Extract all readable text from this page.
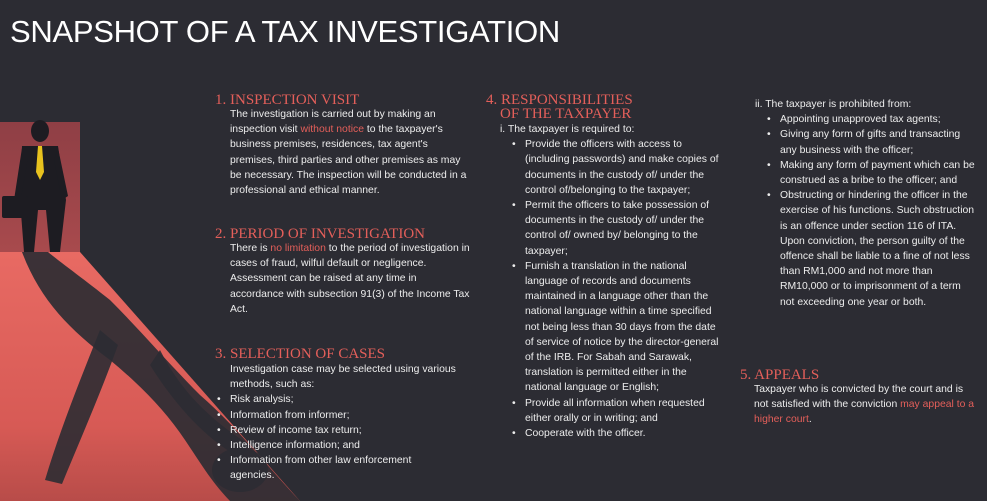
SNAPSHOT OF A TAX INVESTIGATION
1. INSPECTION VISIT
The investigation is carried out by making an inspection visit without notice to the taxpayer's business premises, residences, tax agent's premises, third parties and other premises as may be necessary. The inspection will be conducted in a professional and ethical manner.
2. PERIOD OF INVESTIGATION
There is no limitation to the period of investigation in cases of fraud, wilful default or negligence. Assessment can be raised at any time in accordance with subsection 91(3) of the Income Tax Act.
3. SELECTION OF CASES

Investigation case may be selected using various methods, such as:

• Risk analysis;
• Information from informer;
• Review of income tax return;
• Intelligence information; and
• Information from other law enforcement agencies.
4. RESPONSIBILITIES
OF THE TAXPAYER

i. The taxpayer is required to:

• Provide the officers with access to (including passwords) and make copies of documents in the custody of/ under the control of/belonging to the taxpayer;
• Permit the officers to take possession of documents in the custody of/ under the control of/ owned by/ belonging to the taxpayer;
• Furnish a translation in the national language of records and documents maintained in a language other than the national language within a time specified not being less than 30 days from the date of service of notice by the director-general of the IRB. For Sabah and Sarawak, translation is permitted either in the national language or English;
• Provide all information when requested either orally or in writing; and
• Cooperate with the officer.

ii. The taxpayer is prohibited from:

• Appointing unapproved tax agents;
• Giving any form of gifts and transacting any business with the officer;
• Making any form of payment which can be construed as a bribe to the officer; and
• Obstructing or hindering the officer in the exercise of his functions. Such obstruction is an offence under section 116 of ITA. Upon conviction, the person guilty of the offence shall be liable to a fine of not less than RM1,000 and not more than RM10,000 or to imprisonment of a term not exceeding one year or both.
5. APPEALS
Taxpayer who is convicted by the court and is not satisfied with the conviction may appeal to a higher court.
